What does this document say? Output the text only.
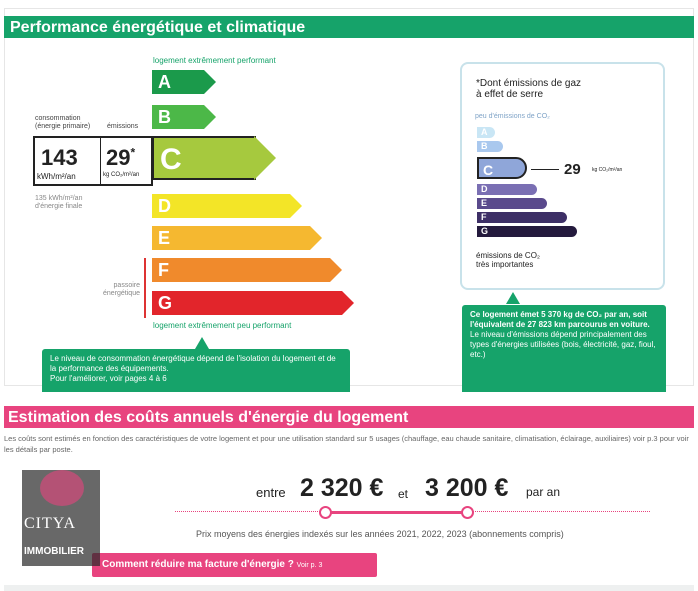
Performance énergétique et climatique
logement extrêmement performant
A
B
C
D
E
F
G
logement extrêmement peu performant
consommation
(énergie primaire) émissions
143
kWh/m²/an
29*
kg CO₂/m²/an
135 kWh/m²/an
d'énergie finale
passoire
énergétique
Le niveau de consommation énergétique dépend de l'isolation du logement et de la performance des équipements.
Pour l'améliorer, voir pages 4 à 6
*Dont émissions de gaz
à effet de serre
peu d'émissions de CO₂
A
B
C
D
E
F
G
29 kg CO₂/m²/an
émissions de CO₂
très importantes
Ce logement émet 5 370 kg de CO₂ par an, soit l'équivalent de 27 823 km parcourus en voiture.
Le niveau d'émissions dépend principalement des types d'énergies utilisées (bois, électricité, gaz, fioul, etc.)
Estimation des coûts annuels d'énergie du logement
Les coûts sont estimés en fonction des caractéristiques de votre logement et pour une utilisation standard sur 5 usages (chauffage, eau chaude sanitaire, climatisation, éclairage, auxiliaires) voir p.3 pour voir les détails par poste.
entre 2 320 € et 3 200 € par an
Prix moyens des énergies indexés sur les années 2021, 2022, 2023 (abonnements compris)
Comment réduire ma facture d'énergie ? Voir p. 3
CITYA
IMMOBILIER
